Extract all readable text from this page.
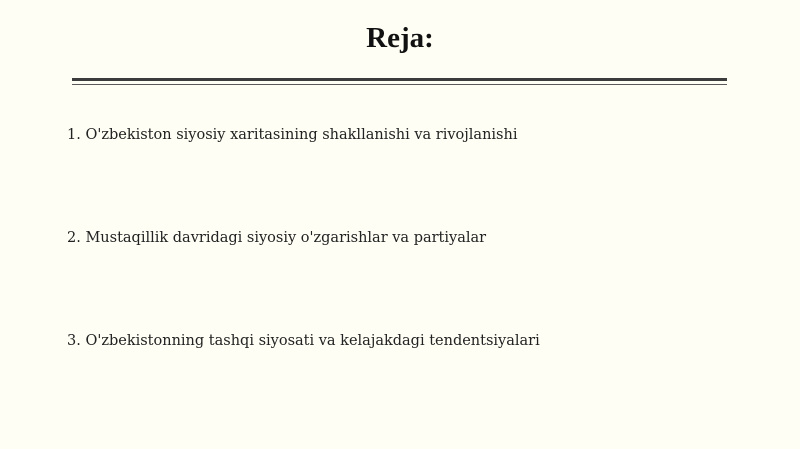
Reja:
1. O'zbekiston siyosiy xaritasining shakllanishi va rivojlanishi
2. Mustaqillik davridagi siyosiy o'zgarishlar va partiyalar
3. O'zbekistonning tashqi siyosati va kelajakdagi tendentsiyalari
